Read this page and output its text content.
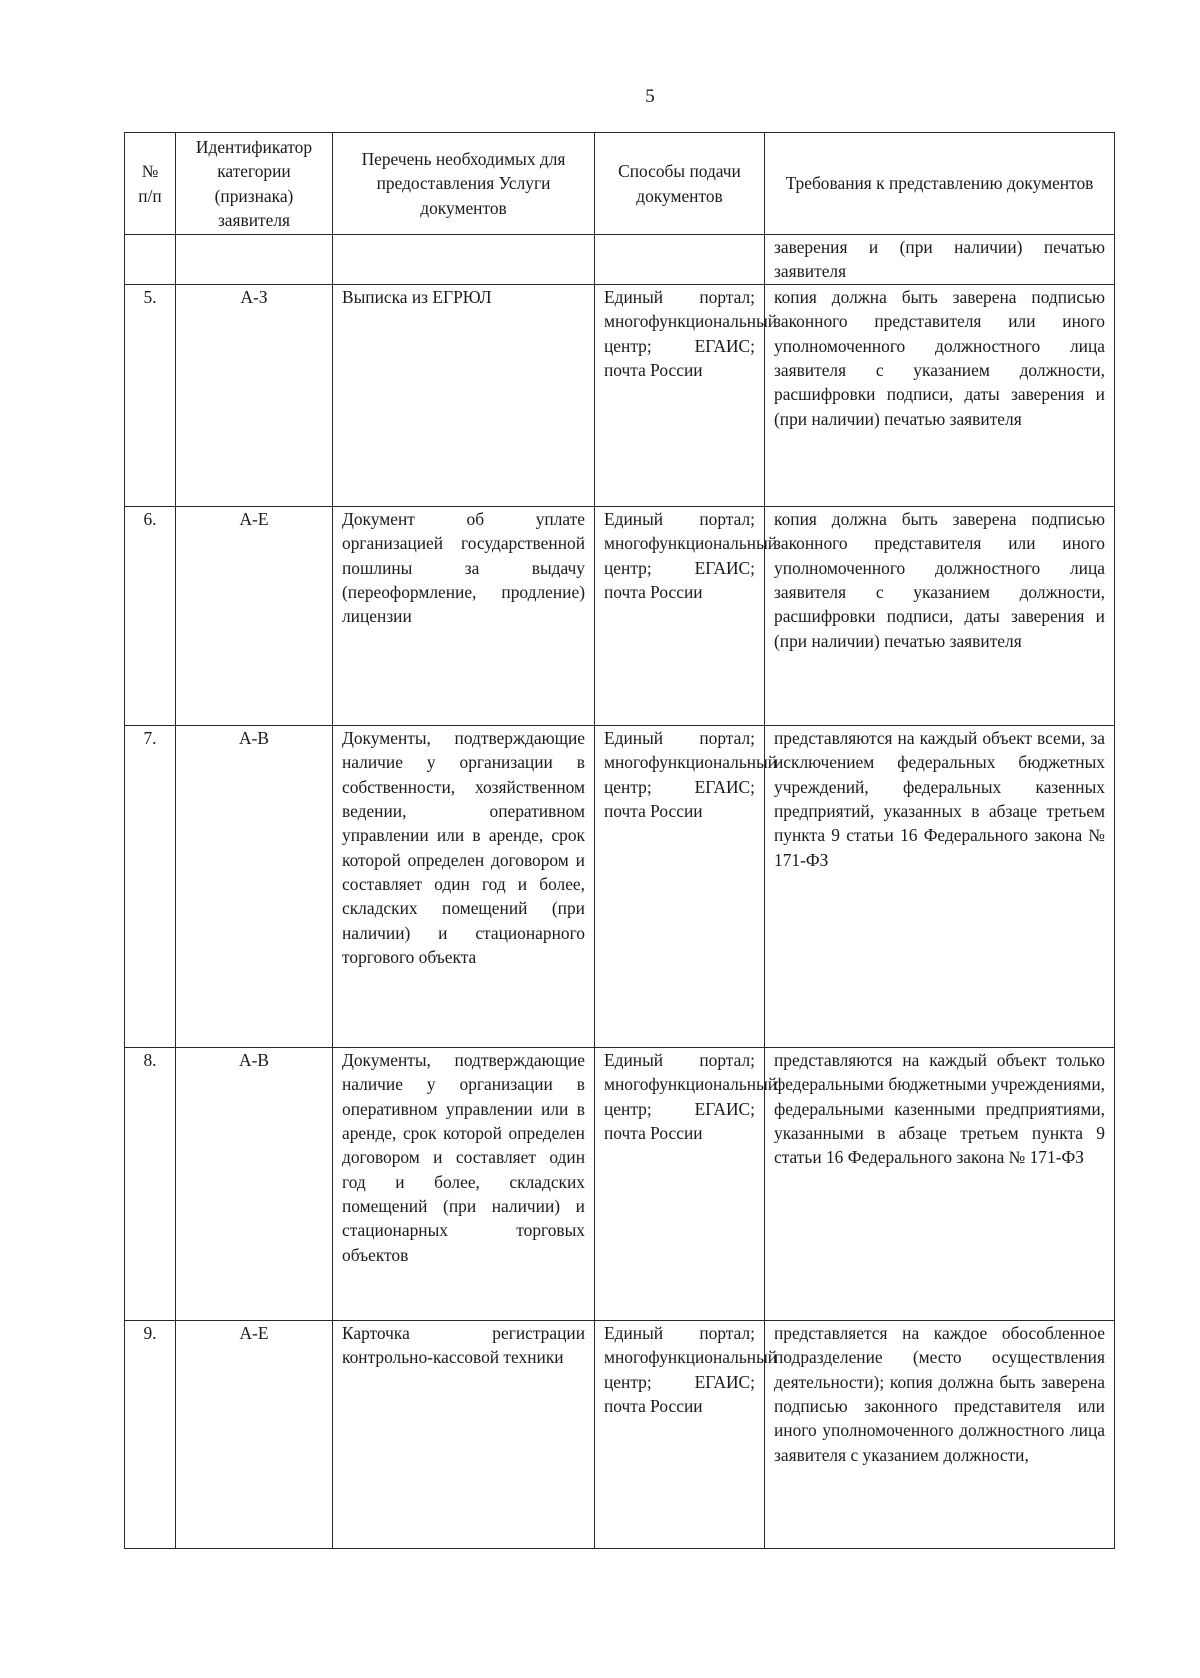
5
№ п/п	Идентификатор категории (признака) заявителя	Перечень необходимых для предоставления Услуги документов	Способы подачи документов	Требования к представлению документов
				заверения и (при наличии) печатью заявителя
5.	А-З	Выписка из ЕГРЮЛ	Единый портал; многофункциональный центр; ЕГАИС; почта России	копия должна быть заверена подписью законного представителя или иного уполномоченного должностного лица заявителя с указанием должности, расшифровки подписи, даты заверения и (при наличии) печатью заявителя
6.	А-Е	Документ об уплате организацией государственной пошлины за выдачу (переоформление, продление) лицензии	Единый портал; многофункциональный центр; ЕГАИС; почта России	копия должна быть заверена подписью законного представителя или иного уполномоченного должностного лица заявителя с указанием должности, расшифровки подписи, даты заверения и (при наличии) печатью заявителя
7.	А-В	Документы, подтверждающие наличие у организации в собственности, хозяйственном ведении, оперативном управлении или в аренде, срок которой определен договором и составляет один год и более, складских помещений (при наличии) и стационарного торгового объекта	Единый портал; многофункциональный центр; ЕГАИС; почта России	представляются на каждый объект всеми, за исключением федеральных бюджетных учреждений, федеральных казенных предприятий, указанных в абзаце третьем пункта 9 статьи 16 Федерального закона № 171-ФЗ
8.	А-В	Документы, подтверждающие наличие у организации в оперативном управлении или в аренде, срок которой определен договором и составляет один год и более, складских помещений (при наличии) и стационарных торговых объектов	Единый портал; многофункциональный центр; ЕГАИС; почта России	представляются на каждый объект только федеральными бюджетными учреждениями, федеральными казенными предприятиями, указанными в абзаце третьем пункта 9 статьи 16 Федерального закона № 171-ФЗ
9.	А-Е	Карточка регистрации контрольно-кассовой техники	Единый портал; многофункциональный центр; ЕГАИС; почта России	представляется на каждое обособленное подразделение (место осуществления деятельности); копия должна быть заверена подписью законного представителя или иного уполномоченного должностного лица заявителя с указанием должности,
